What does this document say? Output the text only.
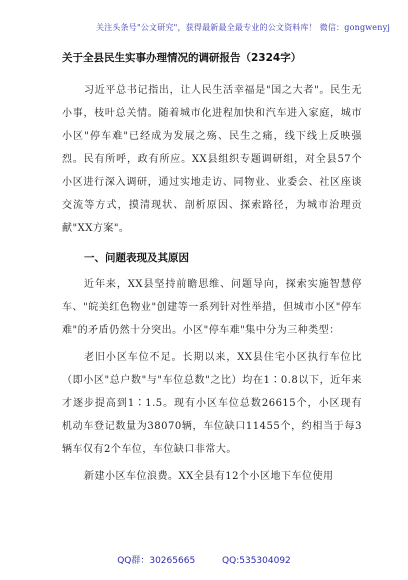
关注头条号"公文研究"，获得最新最全最专业的公文资料库！ 微信：gongwenyj
关于全县民生实事办理情况的调研报告（2324字）

习近平总书记指出，让人民生活幸福是"国之大者"。民生无小事，枝叶总关情。随着城市化进程加快和汽车进入家庭，城市小区"停车难"已经成为发展之殇、民生之痛，线下线上反映强烈。民有所呼，政有所应。XX县组织专题调研组，对全县57个小区进行深入调研，通过实地走访、同物业、业委会、社区座谈交流等方式，摸清现状、剖析原因、探索路径，为城市治理贡献"XX方案"。

一、问题表现及其原因

近年来，XX县坚持前瞻思维、问题导向，探索实施智慧停车、"皖美红色物业"创建等一系列针对性举措，但城市小区"停车难"的矛盾仍然十分突出。小区"停车难"集中分为三种类型：

老旧小区车位不足。长期以来，XX县住宅小区执行车位比（即小区"总户数"与"车位总数"之比）均在1∶0.8以下，近年来才逐步提高到1∶1.5。现有小区车位总数26615个，小区现有机动车登记数量为38070辆，车位缺口11455个，约相当于每3辆车仅有2个车位，车位缺口非常大。

新建小区车位浪费。XX全县有12个小区地下车位使用

QQ群：30265665	QQ:535304092
